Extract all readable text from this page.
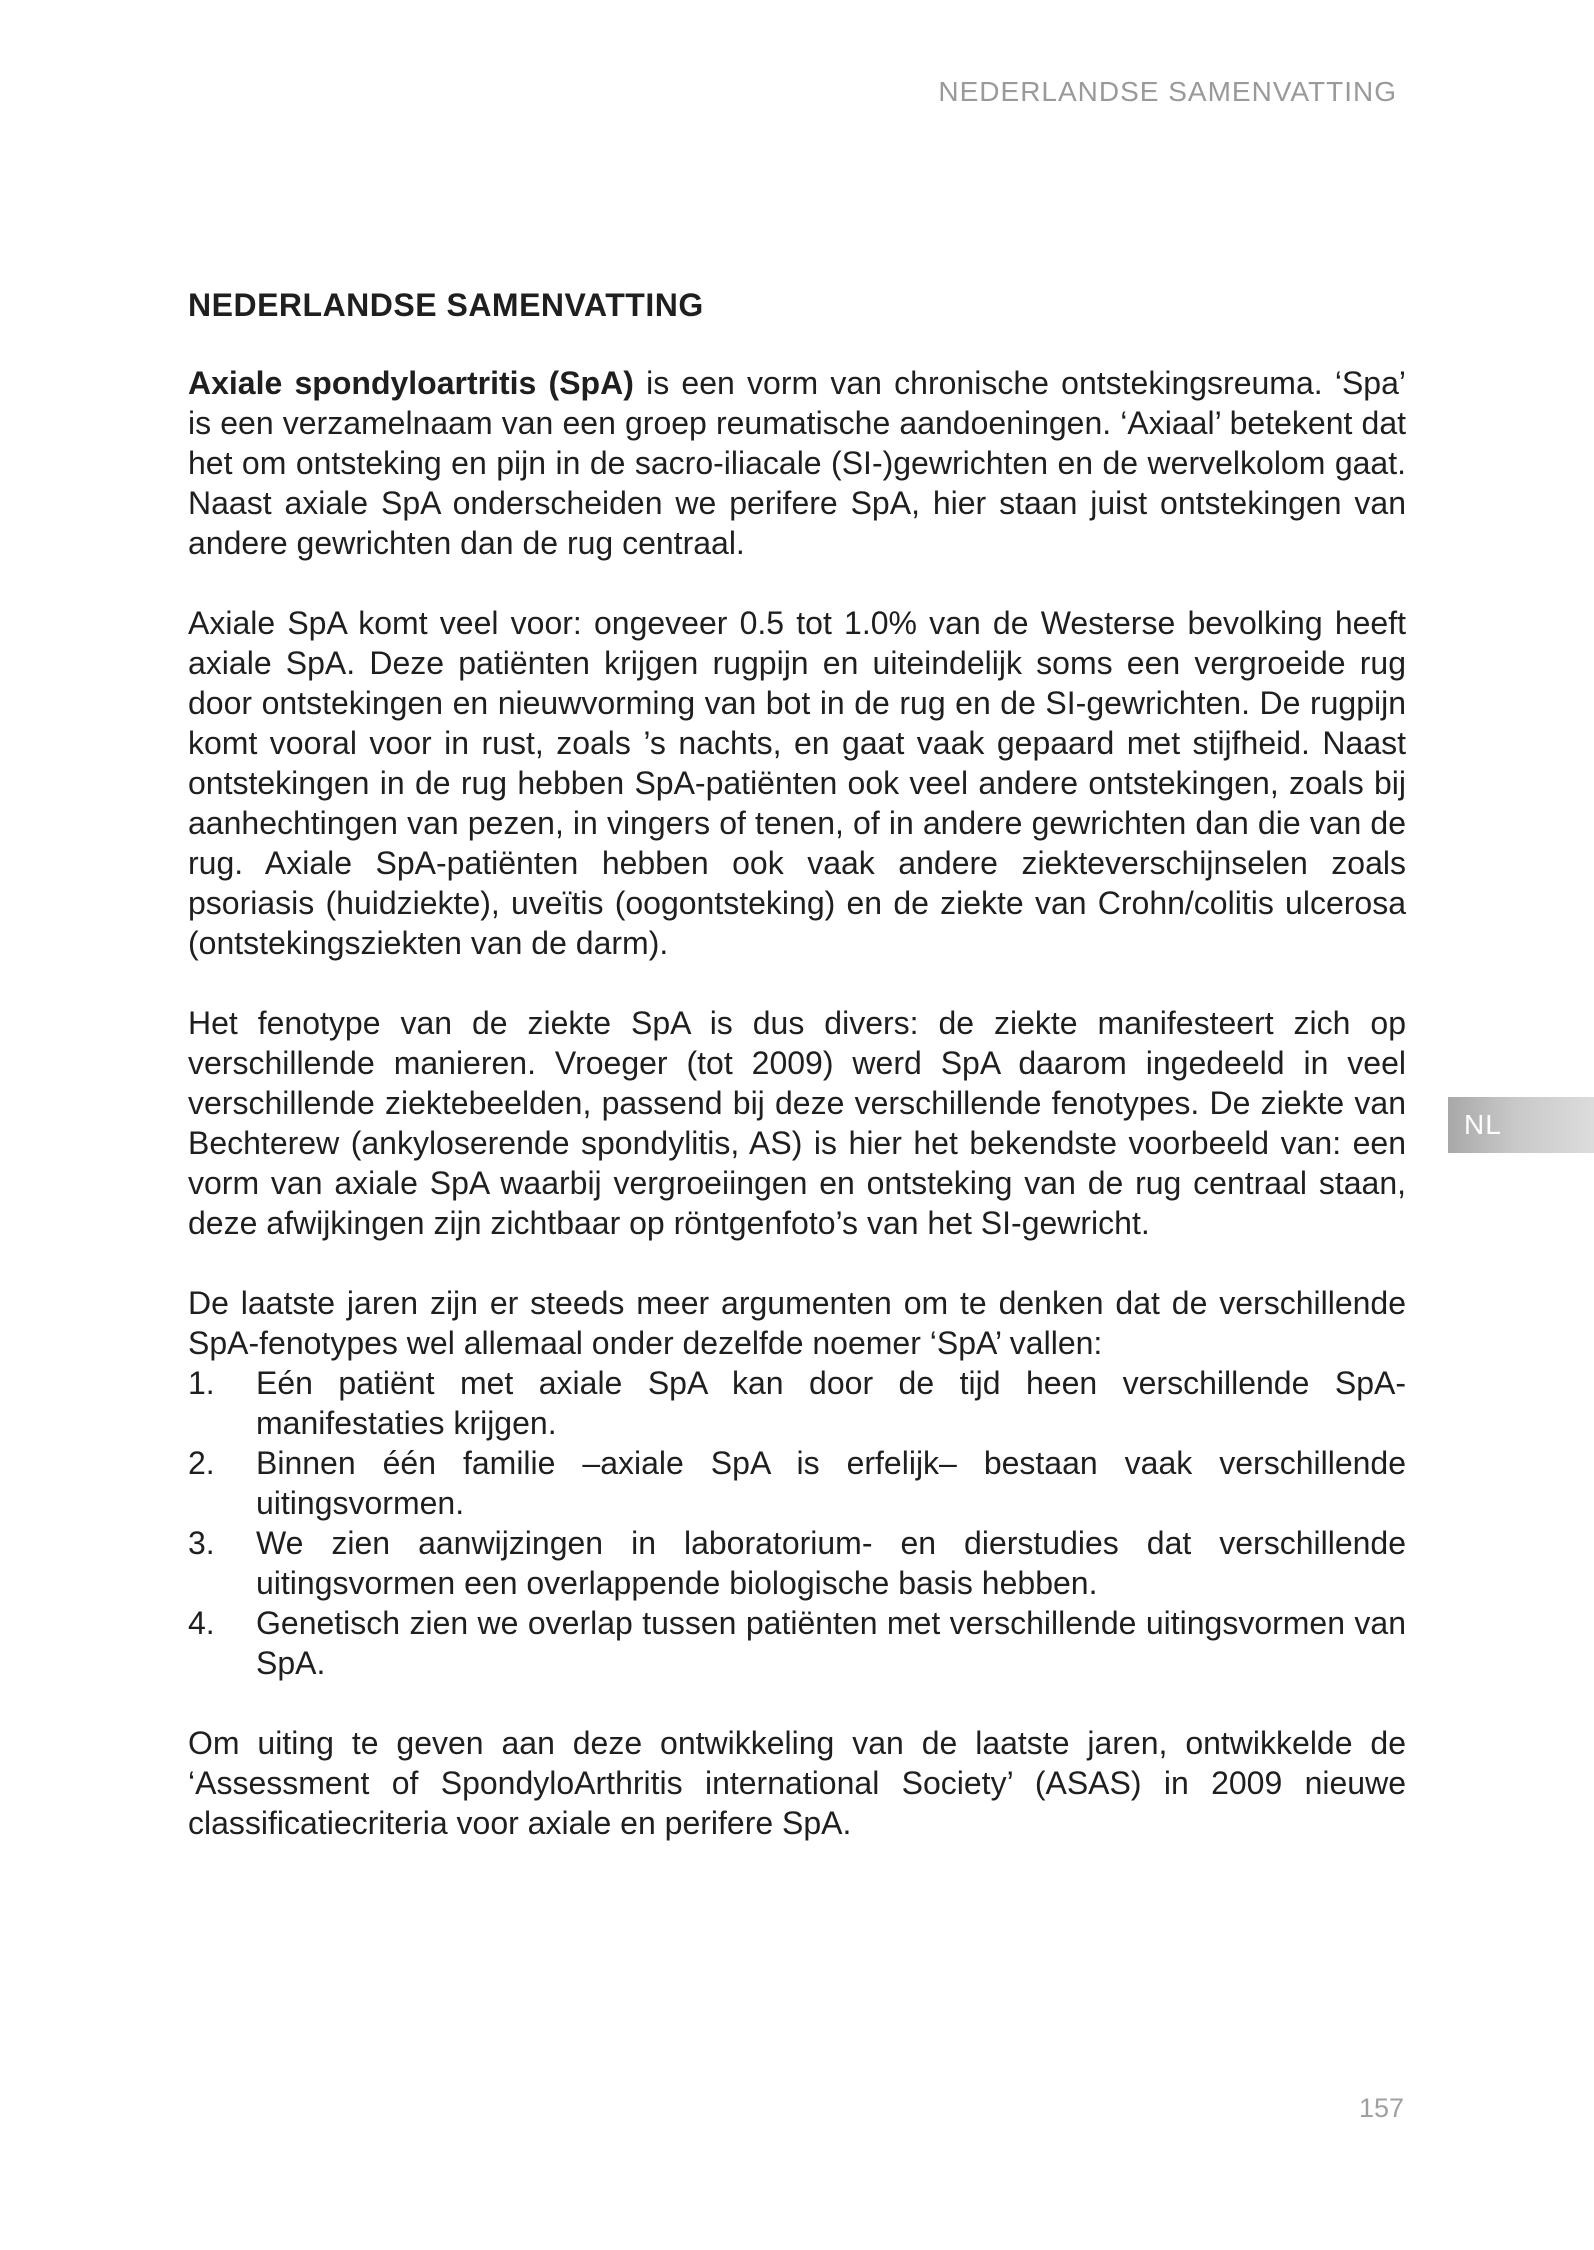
NEDERLANDSE SAMENVATTING
NEDERLANDSE SAMENVATTING

Axiale spondyloartritis (SpA) is een vorm van chronische ontstekingsreuma. ‘Spa’ is een verzamelnaam van een groep reumatische aandoeningen. ‘Axiaal’ betekent dat het om ontsteking en pijn in de sacro-iliacale (SI-)gewrichten en de wervelkolom gaat. Naast axiale SpA onderscheiden we perifere SpA, hier staan juist ontstekingen van andere gewrichten dan de rug centraal.

Axiale SpA komt veel voor: ongeveer 0.5 tot 1.0% van de Westerse bevolking heeft axiale SpA. Deze patiënten krijgen rugpijn en uiteindelijk soms een vergroeide rug door ontstekingen en nieuwvorming van bot in de rug en de SI-gewrichten. De rugpijn komt vooral voor in rust, zoals ’s nachts, en gaat vaak gepaard met stijfheid. Naast ontstekingen in de rug hebben SpA-patiënten ook veel andere ontstekingen, zoals bij aanhechtingen van pezen, in vingers of tenen, of in andere gewrichten dan die van de rug. Axiale SpA-patiënten hebben ook vaak andere ziekteverschijnselen zoals psoriasis (huidziekte), uveïtis (oogontsteking) en de ziekte van Crohn/colitis ulcerosa (ontstekingsziekten van de darm).

Het fenotype van de ziekte SpA is dus divers: de ziekte manifesteert zich op verschillende manieren. Vroeger (tot 2009) werd SpA daarom ingedeeld in veel verschillende ziektebeelden, passend bij deze verschillende fenotypes. De ziekte van Bechterew (ankyloserende spondylitis, AS) is hier het bekendste voorbeeld van: een vorm van axiale SpA waarbij vergroeiingen en ontsteking van de rug centraal staan, deze afwijkingen zijn zichtbaar op röntgenfoto’s van het SI-gewricht.

De laatste jaren zijn er steeds meer argumenten om te denken dat de verschillende SpA-fenotypes wel allemaal onder dezelfde noemer ‘SpA’ vallen:

1. Eén patiënt met axiale SpA kan door de tijd heen verschillende SpA-manifestaties krijgen.
2. Binnen één familie –axiale SpA is erfelijk– bestaan vaak verschillende uitingsvormen.
3. We zien aanwijzingen in laboratorium- en dierstudies dat verschillende uitingsvormen een overlappende biologische basis hebben.
4. Genetisch zien we overlap tussen patiënten met verschillende uitingsvormen van SpA.

Om uiting te geven aan deze ontwikkeling van de laatste jaren, ontwikkelde de ‘Assessment of SpondyloArthritis international Society’ (ASAS) in 2009 nieuwe classificatiecriteria voor axiale en perifere SpA.

NL
157
